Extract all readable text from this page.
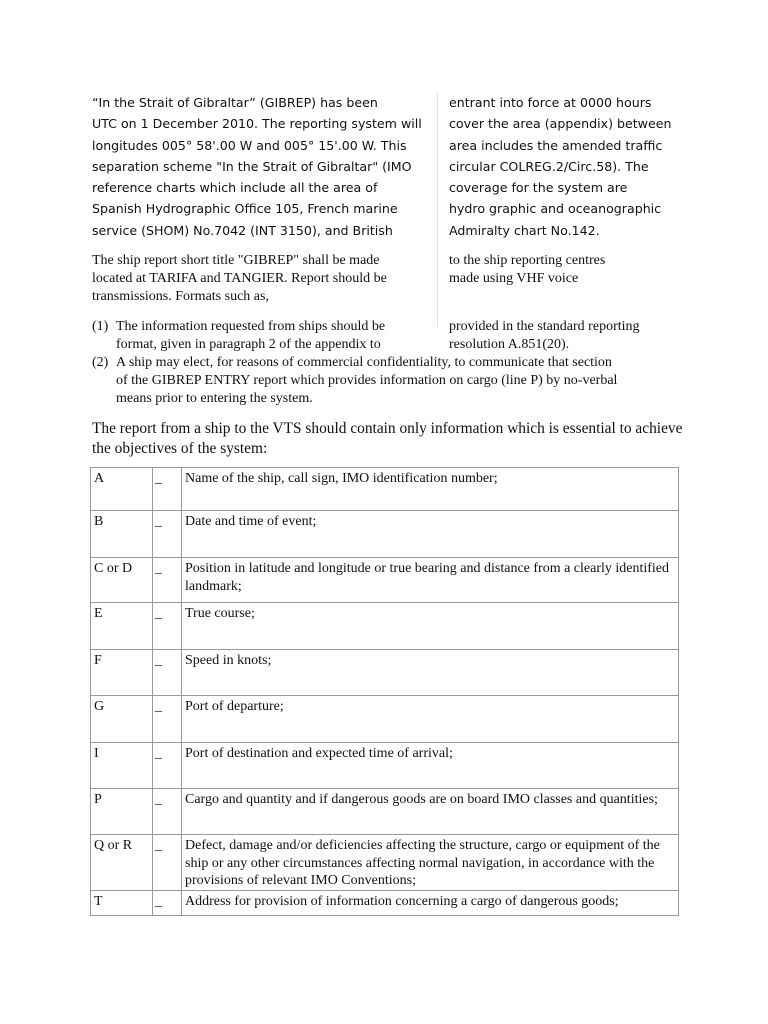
“In the Strait of Gibraltar” (GIBREP) has been
UTC on 1 December 2010. The reporting system will
longitudes 005° 58'.00 W and 005° 15'.00 W. This
separation scheme "In the Strait of Gibraltar" (IMO
reference charts which include all the area of
Spanish Hydrographic Office 105, French marine
service (SHOM) No.7042 (INT 3150), and British
entrant into force at 0000 hours
cover the area (appendix) between
area includes the amended traffic
circular COLREG.2/Circ.58). The
coverage for the system are
hydro graphic and oceanographic
Admiralty chart No.142.
The ship report short title "GIBREP" shall be made
located at TARIFA and TANGIER. Report should be
transmissions. Formats such as,
to the ship reporting centres
made using VHF voice
(1) The information requested from ships should be	provided in the standard reporting
format, given in paragraph 2 of the appendix to	resolution A.851(20).
(2) A ship may elect, for reasons of commercial confidentiality, to communicate that section
of the GIBREP ENTRY report which provides information on cargo (line P) by no-verbal
means prior to entering the system.
The report from a ship to the VTS should contain only information which is essential to achieve the objectives of the system:
A	_	Name of the ship, call sign, IMO identification number;
B	_	Date and time of event;
C or D	_	Position in latitude and longitude or true bearing and distance from a clearly identified landmark;
E	_	True course;
F	_	Speed in knots;
G	_	Port of departure;
I	_	Port of destination and expected time of arrival;
P	_	Cargo and quantity and if dangerous goods are on board IMO classes and quantities;
Q or R	_	Defect, damage and/or deficiencies affecting the structure, cargo or equipment of the ship or any other circumstances affecting normal navigation, in accordance with the provisions of relevant IMO Conventions;
T	_	Address for provision of information concerning a cargo of dangerous goods;
